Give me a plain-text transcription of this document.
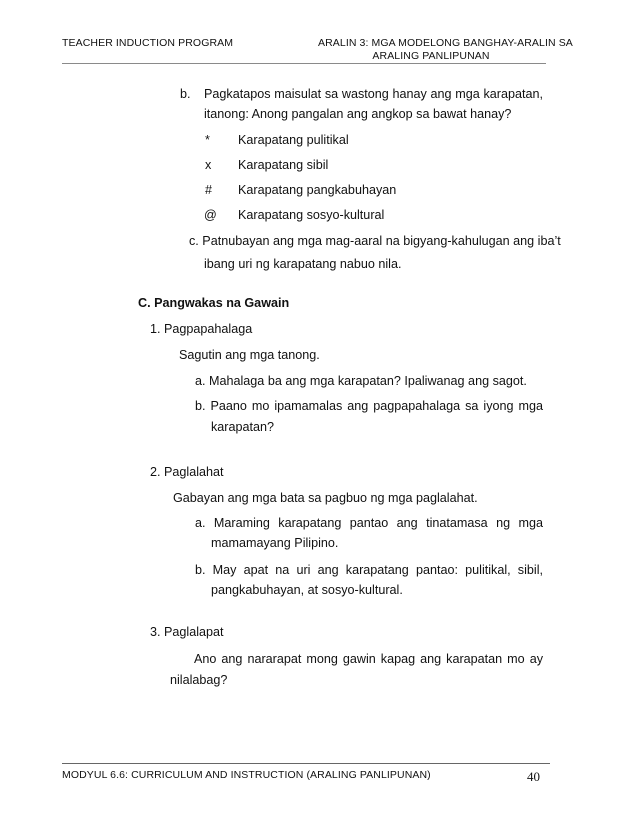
TEACHER INDUCTION PROGRAM	ARALIN 3: MGA MODELONG BANGHAY-ARALIN SA
ARALING PANLIPUNAN
b. Pagkatapos maisulat sa wastong hanay ang mga karapatan,
itanong: Anong pangalan ang angkop sa bawat hanay?
* Karapatang pulitikal
x Karapatang sibil
# Karapatang pangkabuhayan
@ Karapatang sosyo-kultural
c. Patnubayan ang mga mag-aaral na bigyang-kahulugan ang iba’t
ibang uri ng karapatang nabuo nila.
C. Pangwakas na Gawain
1. Pagpapahalaga
Sagutin ang mga tanong.
a. Mahalaga ba ang mga karapatan? Ipaliwanag ang sagot.
b. Paano mo ipamamalas ang pagpapahalaga sa iyong mga
karapatan?
2. Paglalahat
Gabayan ang mga bata sa pagbuo ng mga paglalahat.
a. Maraming karapatang pantao ang tinatamasa ng mga
mamamayang Pilipino.
b. May apat na uri ang karapatang pantao: pulitikal, sibil,
pangkabuhayan, at sosyo-kultural.
3. Paglalapat
Ano ang nararapat mong gawin kapag ang karapatan mo ay
nilalabag?
MODYUL 6.6: CURRICULUM AND INSTRUCTION (ARALING PANLIPUNAN)	40
